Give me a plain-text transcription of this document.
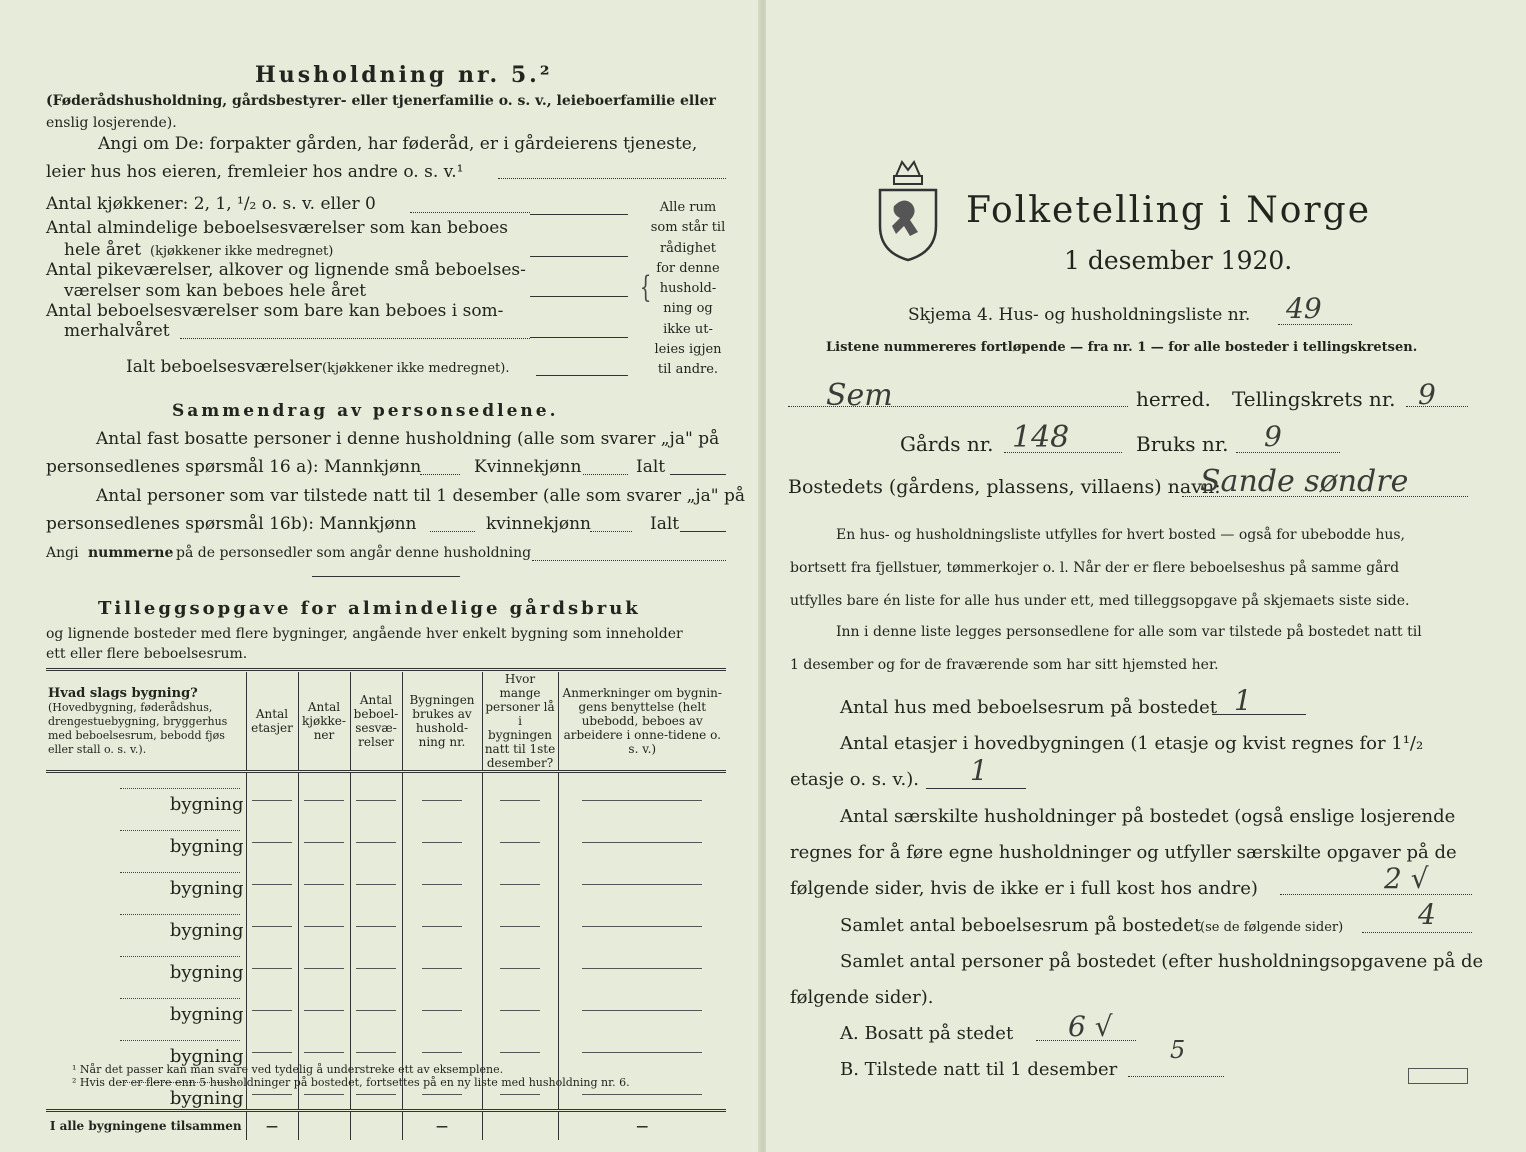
Husholdning nr. 5.²
(Føderådshusholdning, gårdsbestyrer- eller tjenerfamilie o. s. v., leieboerfamilie eller
enslig losjerende).
Angi om De: forpakter gården, har føderåd, er i gårdeierens tjeneste,
leier hus hos eieren, fremleier hos andre o. s. v.¹
Antal kjøkkener: 2, 1, ¹/₂ o. s. v. eller 0
Antal almindelige beboelsesværelser som kan beboes
hele året (kjøkkener ikke medregnet)
Antal pikeværelser, alkover og lignende små beboelses-
værelser som kan beboes hele året
Antal beboelsesværelser som bare kan beboes i som-
merhalvåret
Ialt beboelsesværelser (kjøkkener ikke medregnet).
{
Alle rum
som står til
rådighet
for denne
hushold-
ning og
ikke ut-
leies igjen
til andre.
Sammendrag av personsedlene.
Antal fast bosatte personer i denne husholdning (alle som svarer „ja" på
personsedlenes spørsmål 16 a): Mannkjønn	Kvinnekjønn	Ialt
Antal personer som var tilstede natt til 1 desember (alle som svarer „ja" på
personsedlenes spørsmål 16b): Mannkjønn	kvinnekjønn	Ialt
Angi nummerne på de personsedler som angår denne husholdning
Tilleggsopgave for almindelige gårdsbruk
og lignende bosteder med flere bygninger, angående hver enkelt bygning som inneholder
ett eller flere beboelsesrum.
Hvad slags bygning?
(Hovedbygning, føderådshus, drengestuebygning, bryggerhus med beboelsesrum, bebodd fjøs eller stall o. s. v.).	Antal etasjer	Antal kjøkke-ner	Antal beboel-sesvæ-relser	Bygningen brukes av hushold-ning nr.	Hvor mange personer lå i bygningen natt til 1ste desember?	Anmerkninger om bygnin-gens benyttelse (helt ubebodd, beboes av arbeidere i onne-tidene o. s. v.)
bygning						
bygning						
bygning						
bygning						
bygning						
bygning						
bygning						
bygning						
I alle bygningene tilsammen	—			—		—
¹ Når det passer kan man svare ved tydelig å understreke ett av eksemplene.
² Hvis der er flere enn 5 husholdninger på bostedet, fortsettes på en ny liste med husholdning nr. 6.
Folketelling i Norge
1 desember 1920.
Skjema 4. Hus- og husholdningsliste nr. 49
Listene nummereres fortløpende — fra nr. 1 — for alle bosteder i tellingskretsen.
Sem	herred. Tellingskrets nr. 9
Gårds nr. 148	Bruks nr. 9
Bostedets (gårdens, plassens, villaens) navn:
Sande søndre
En hus- og husholdningsliste utfylles for hvert bosted — også for ubebodde hus,
bortsett fra fjellstuer, tømmerkojer o. l. Når der er flere beboelseshus på samme gård
utfylles bare én liste for alle hus under ett, med tilleggsopgave på skjemaets siste side.
Inn i denne liste legges personsedlene for alle som var tilstede på bostedet natt til
1 desember og for de fraværende som har sitt hjemsted her.
Antal hus med beboelsesrum på bostedet 1
Antal etasjer i hovedbygningen (1 etasje og kvist regnes for 1¹/₂
etasje o. s. v.). 1
Antal særskilte husholdninger på bostedet (også enslige losjerende
regnes for å føre egne husholdninger og utfyller særskilte opgaver på de
følgende sider, hvis de ikke er i full kost hos andre)	2 √
Samlet antal beboelsesrum på bostedet
(se de følgende sider)	4
Samlet antal personer på bostedet (efter husholdningsopgavene på de
følgende sider).
A. Bosatt på stedet 6 √
B. Tilstede natt til 1 desember
5
